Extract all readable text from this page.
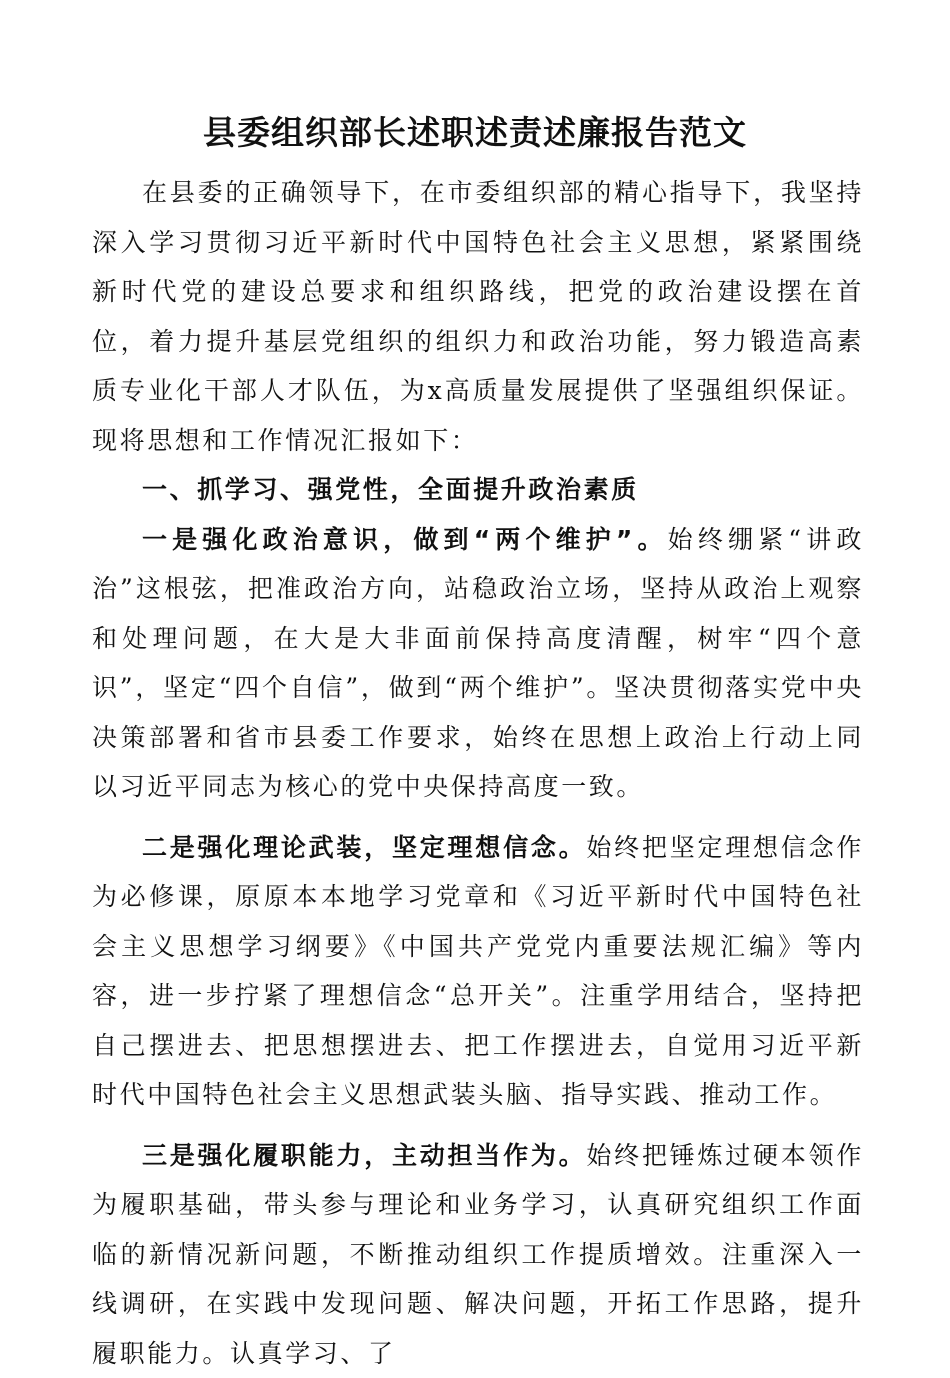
县委组织部长述职述责述廉报告范文

在县委的正确领导下，在市委组织部的精心指导下，我坚持深入学习贯彻习近平新时代中国特色社会主义思想，紧紧围绕新时代党的建设总要求和组织路线，把党的政治建设摆在首位，着力提升基层党组织的组织力和政治功能，努力锻造高素质专业化干部人才队伍，为x高质量发展提供了坚强组织保证。现将思想和工作情况汇报如下：

一、抓学习、强党性，全面提升政治素质

一是强化政治意识，做到“两个维护”。始终绷紧“讲政治”这根弦，把准政治方向，站稳政治立场，坚持从政治上观察和处理问题，在大是大非面前保持高度清醒，树牢“四个意识”，坚定“四个自信”，做到“两个维护”。坚决贯彻落实党中央决策部署和省市县委工作要求，始终在思想上政治上行动上同以习近平同志为核心的党中央保持高度一致。

二是强化理论武装，坚定理想信念。始终把坚定理想信念作为必修课，原原本本地学习党章和《习近平新时代中国特色社会主义思想学习纲要》《中国共产党党内重要法规汇编》等内容，进一步拧紧了理想信念“总开关”。注重学用结合，坚持把自己摆进去、把思想摆进去、把工作摆进去，自觉用习近平新时代中国特色社会主义思想武装头脑、指导实践、推动工作。

三是强化履职能力，主动担当作为。始终把锤炼过硬本领作为履职基础，带头参与理论和业务学习，认真研究组织工作面临的新情况新问题，不断推动组织工作提质增效。注重深入一线调研，在实践中发现问题、解决问题，开拓工作思路，提升履职能力。认真学习、了
